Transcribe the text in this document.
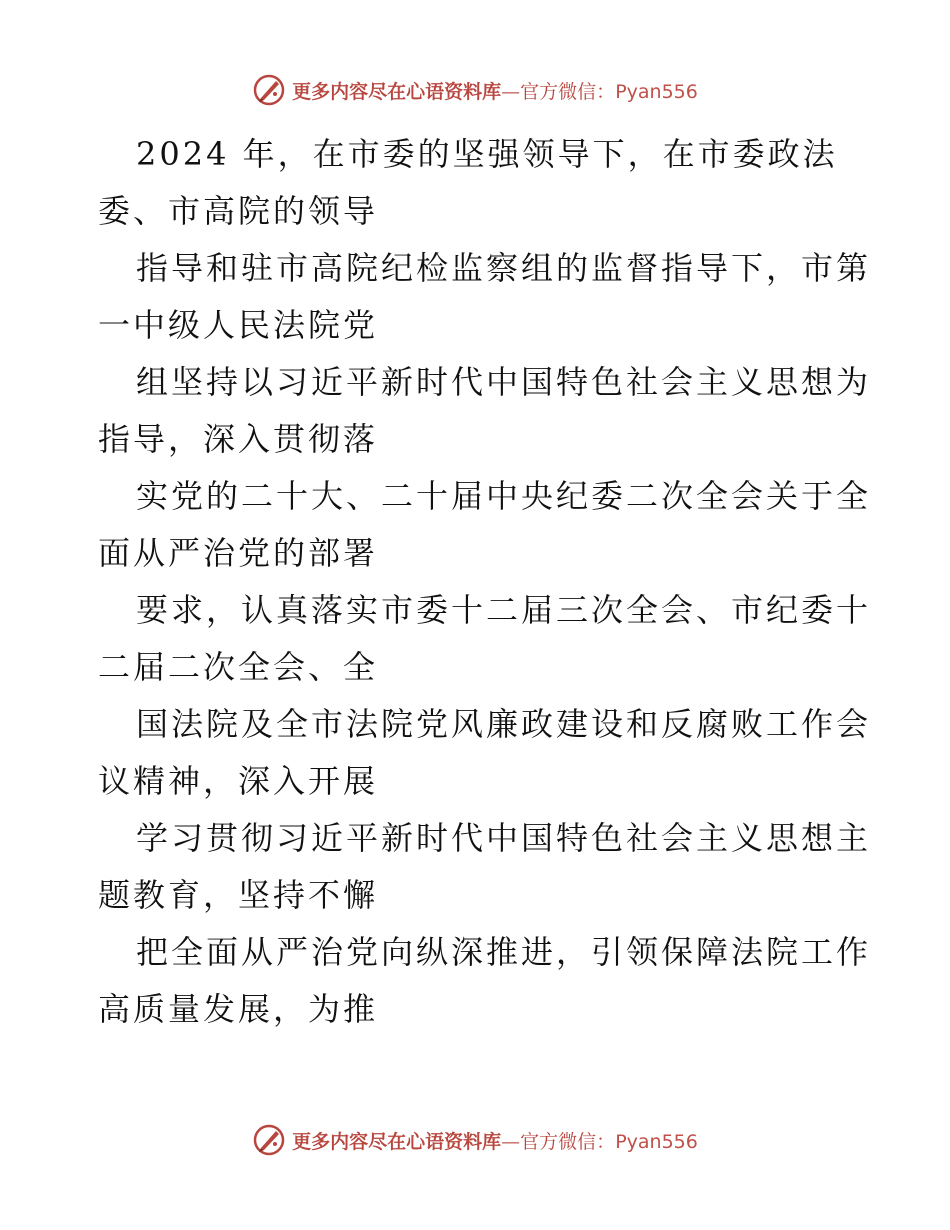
更多内容尽在心语资料库—官方微信：Pyan556
2024 年，在市委的坚强领导下，在市委政法
委、市高院的领导
指导和驻市高院纪检监察组的监督指导下，市第
一中级人民法院党
组坚持以习近平新时代中国特色社会主义思想为
指导，深入贯彻落
实党的二十大、二十届中央纪委二次全会关于全
面从严治党的部署
要求，认真落实市委十二届三次全会、市纪委十
二届二次全会、全
国法院及全市法院党风廉政建设和反腐败工作会
议精神，深入开展
学习贯彻习近平新时代中国特色社会主义思想主
题教育，坚持不懈
把全面从严治党向纵深推进，引领保障法院工作
高质量发展，为推
更多内容尽在心语资料库—官方微信：Pyan556
